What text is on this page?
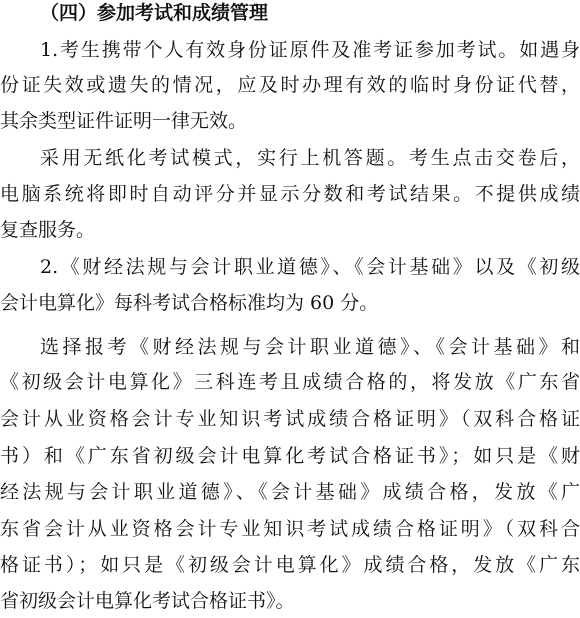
（四）参加考试和成绩管理
1.考生携带个人有效身份证原件及准考证参加考试。如遇身
份证失效或遗失的情况，应及时办理有效的临时身份证代替，
其余类型证件证明一律无效。
采用无纸化考试模式，实行上机答题。考生点击交卷后，
电脑系统将即时自动评分并显示分数和考试结果。不提供成绩
复查服务。
2.《财经法规与会计职业道德》、《会计基础》以及《初级
会计电算化》每科考试合格标准均为 60 分。
选择报考《财经法规与会计职业道德》、《会计基础》和
《初级会计电算化》三科连考且成绩合格的，将发放《广东省
会计从业资格会计专业知识考试成绩合格证明》（双科合格证
书）和《广东省初级会计电算化考试合格证书》；如只是《财
经法规与会计职业道德》、《会计基础》成绩合格，发放《广
东省会计从业资格会计专业知识考试成绩合格证明》（双科合
格证书）；如只是《初级会计电算化》成绩合格，发放《广东
省初级会计电算化考试合格证书》。
